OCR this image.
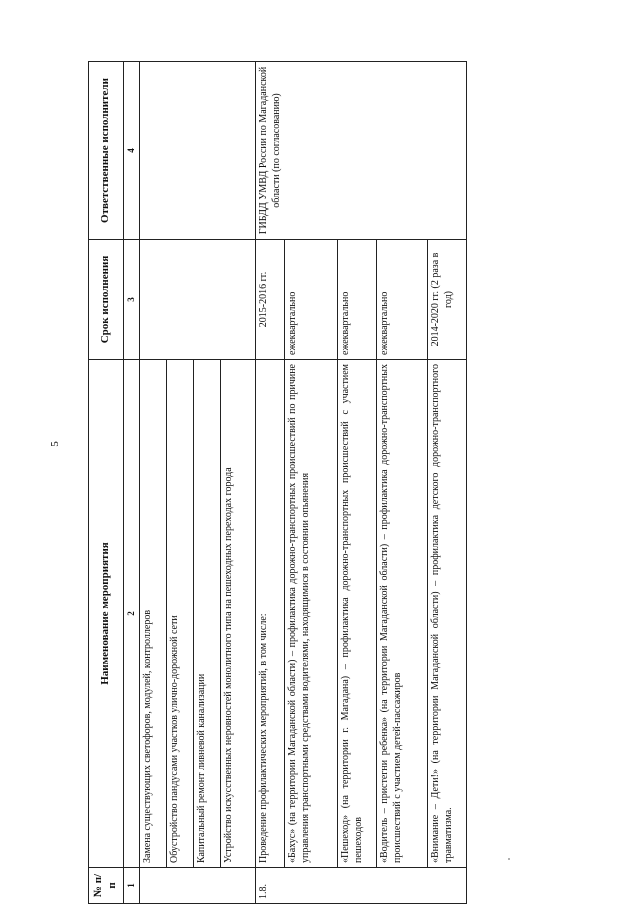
5
№ п/п	Наименование мероприятия	Срок исполнения	Ответственные исполнители
1	2	3	4
	Замена существующих светофоров, модулей, контроллеров		
	Обустройство пандусами участков улично-дорожной сети		
	Капитальный ремонт ливневой канализации		
	Устройство искусственных неровностей монолитного типа на пешеходных переходах города		
1.8.	Проведение профилактических мероприятий, в том числе:	2015-2016 гг.	ГИБДД УМВД России по Магаданской области (по согласованию)
	«Бахус» (на территории Магаданской области) – профилактика дорожно-транспортных происшествий по причине управления транспортными средствами водителями, находящимися в состоянии опьянения	ежеквартально	
	«Пешеход» (на территории г. Магадана) – профилактика дорожно-транспортных происшествий с участием пешеходов	ежеквартально	
	«Водитель – пристегни ребенка» (на территории Магаданской области) – профилактика дорожно-транспортных происшествий с участием детей-пассажиров	ежеквартально	
	«Внимание – Дети!» (на территории Магаданской области) – профилактика детского дорожно-транспортного травматизма.	2014-2020 гг. (2 раза в год)	
